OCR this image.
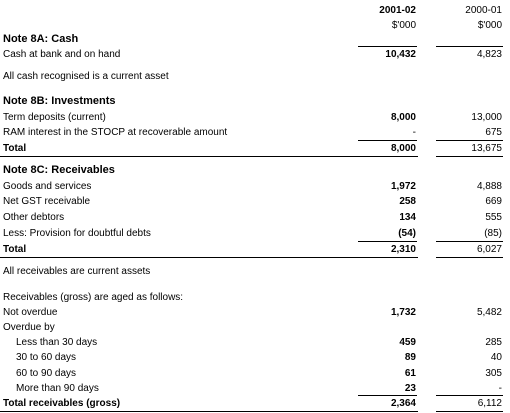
2001-02	2000-01
$'000	$'000
Note 8A: Cash
Cash at bank and on hand	10,432	4,823
All cash recognised is a current asset
Note 8B: Investments
Term deposits (current)	8,000	13,000
RAM interest in the STOCP at recoverable amount	-	675
Total	8,000	13,675
Note 8C: Receivables
Goods and services	1,972	4,888
Net GST receivable	258	669
Other debtors	134	555
Less: Provision for doubtful debts	(54)	(85)
Total	2,310	6,027
All receivables are current assets
Receivables (gross) are aged as follows:
Not overdue	1,732	5,482
Overdue by
Less than 30 days	459	285
30 to 60 days	89	40
60 to 90 days	61	305
More than 90 days	23	-
Total receivables (gross)	2,364	6,112
